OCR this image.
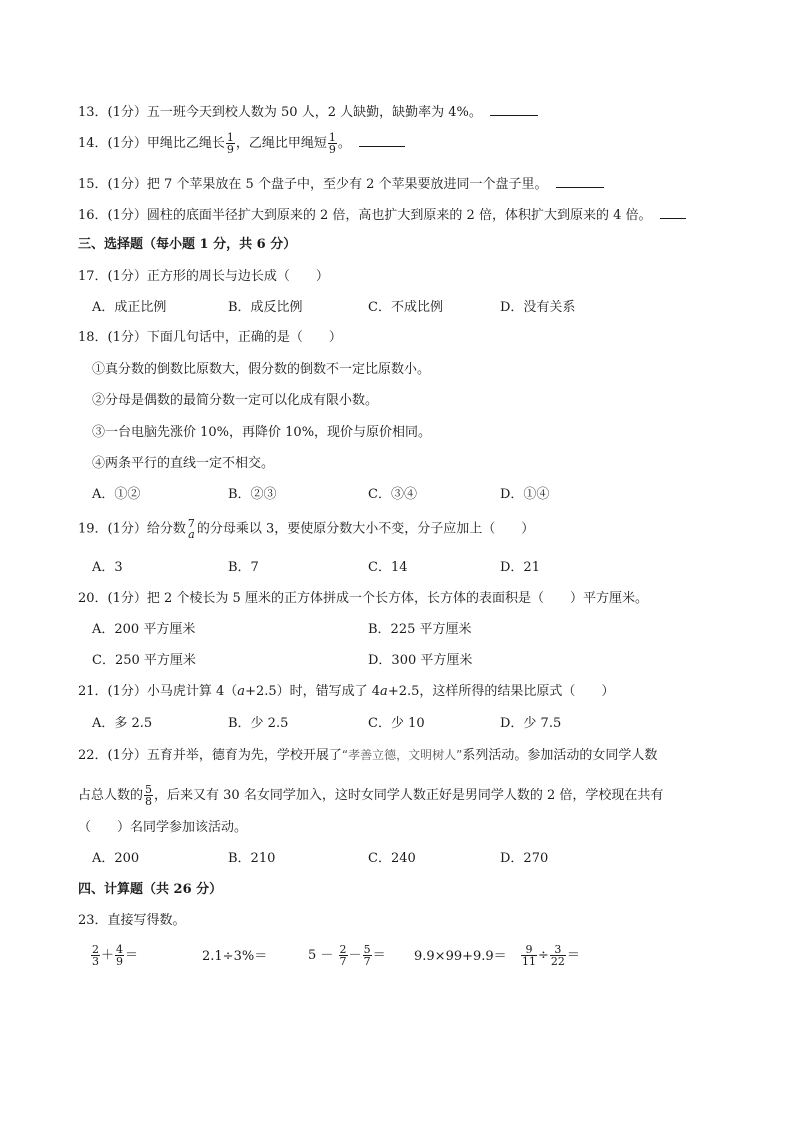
13．(1分）五一班今天到校人数为 50 人，2 人缺勤，缺勤率为 4%。
14．(1分）甲绳比乙绳长 $\frac{1}{9}$ ，乙绳比甲绳短 $\frac{1}{9}$ 。
15．(1分）把 7 个苹果放在 5 个盘子中，至少有 2 个苹果要放进同一个盘子里。
16．(1分）圆柱的底面半径扩大到原来的 2 倍，高也扩大到原来的 2 倍，体积扩大到原来的 4 倍。
三、选择题（每小题 1 分，共 6 分）
17．(1分）正方形的周长与边长成（　　）
A．成正比例	B．成反比例	C．不成比例	D．没有关系
18．(1分）下面几句话中，正确的是（　　）
①真分数的倒数比原数大，假分数的倒数不一定比原数小。
②分母是偶数的最简分数一定可以化成有限小数。
③一台电脑先涨价 10%，再降价 10%，现价与原价相同。
④两条平行的直线一定不相交。
A．①②	B．②③	C．③④	D．①④
19．(1分）给分数 7
a 的分母乘以 3，要使原分数大小不变，分子应加上（　　）
A．3	B．7	C．14	D．21
20．(1分）把 2 个棱长为 5 厘米的正方体拼成一个长方体，长方体的表面积是（　　）平方厘米。
A．200 平方厘米	B．225 平方厘米
C．250 平方厘米	D．300 平方厘米
21．(1分）小马虎计算 4（a+2.5）时，错写成了 4a+2.5，这样所得的结果比原式（　　）
A．多 2.5	B．少 2.5	C．少 10	D．少 7.5
22．(1分）五育并举，德育为先，学校开展了“孝善立德，文明树人”系列活动。参加活动的女同学人数
占总人数的 $\frac{5}{8}$ ，后来又有 30 名女同学加入，这时女同学人数正好是男同学人数的 2 倍，学校现在共有
（　　）名同学参加该活动。
A．200	B．210	C．240	D．270
四、计算题（共 26 分）
23．直接写得数。
$\frac{2}{3} + \frac{4}{9}$ ＝	2.1÷3%＝	$5 - \frac{2}{7} - \frac{5}{7} = 9.9\times 99+9.9= \frac{9}{11} \div \frac{3}{22}$ ＝
